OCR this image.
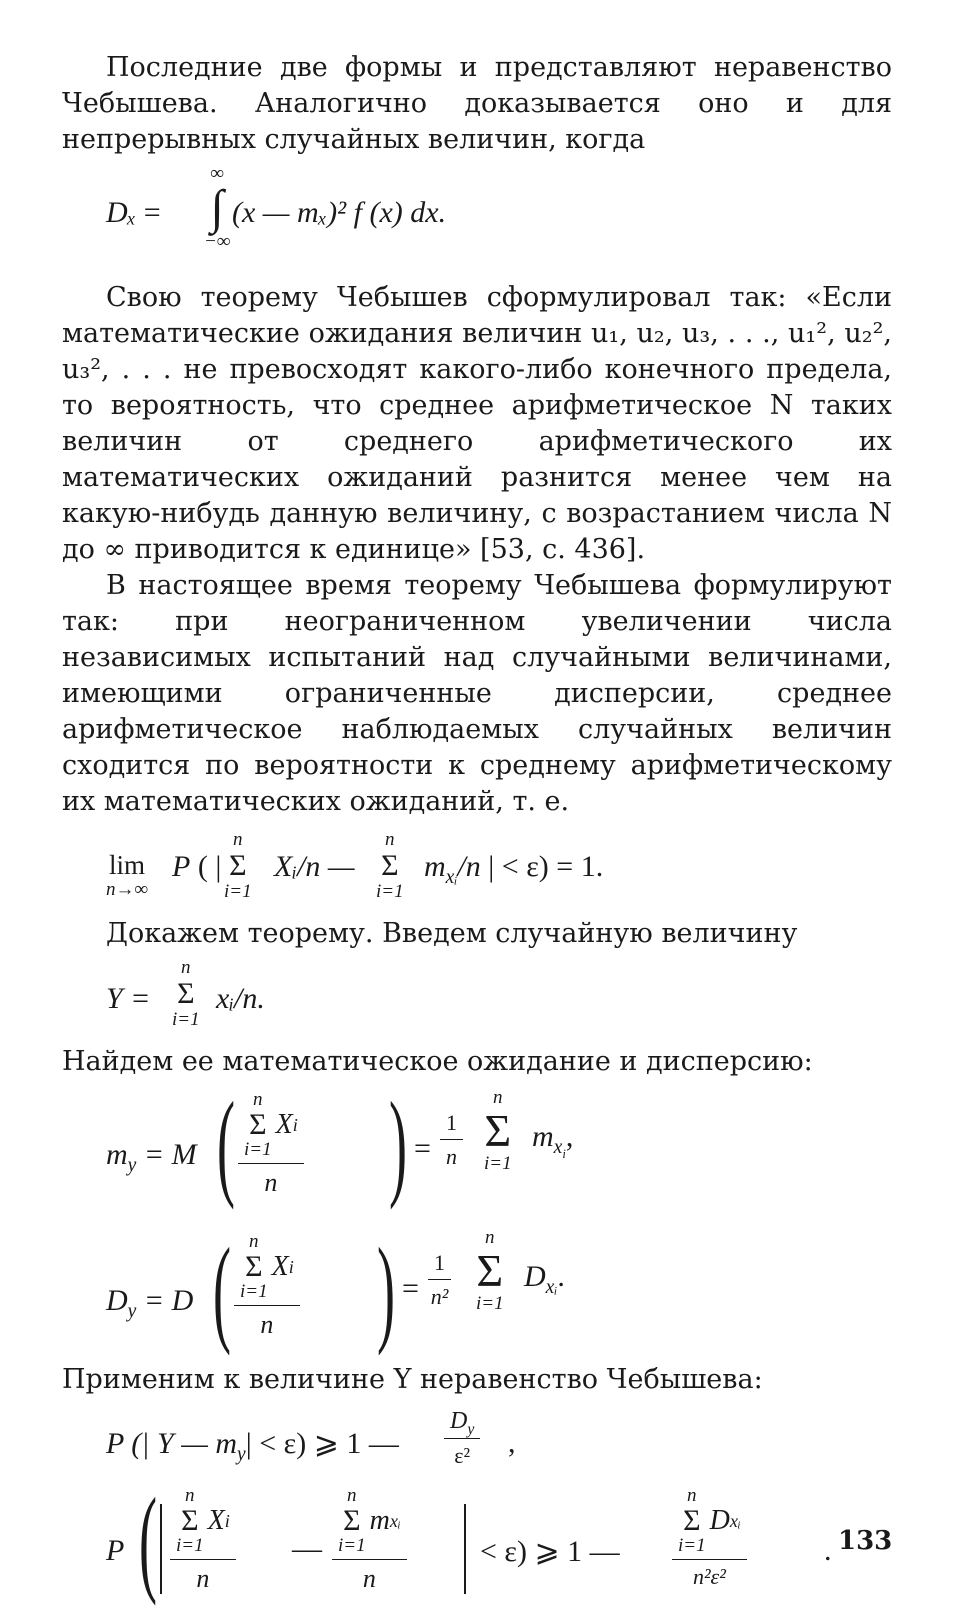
Последние две формы и представляют неравенство Чебышева. Аналогично доказывается оно и для непрерывных случайных величин, когда

Dₓ =
∞
∫
−∞
(x — mₓ)² f (x) dx.

Свою теорему Чебышев сформулировал так: «Если математические ожидания величин u₁, u₂, u₃, . . ., u₁², u₂², u₃², . . . не превосходят какого-либо конечного предела, то вероятность, что среднее арифметическое N таких величин от среднего арифметического их математических ожиданий разнится менее чем на какую-нибудь данную величину, с возрастанием числа N до ∞ приводится к единице» [53, с. 436].

В настоящее время теорему Чебышева формулируют так: при неограниченном увеличении числа независимых испытаний над случайными величинами, имеющими ограниченные дисперсии, среднее арифметическое наблюдаемых случайных величин сходится по вероятности к среднему арифметическому их математических ожиданий, т. е.

lim
n→∞
P ( |
n
Σ
i=1
Xᵢ/n —
n
Σ
i=1
$m_{xᵢ}/n$ | < ε) = 1.

Докажем теорему. Введем случайную величину

Y =
n
Σ
i=1
xᵢ/n.

Найдем ее математическое ожидание и дисперсию:

$m_y = M$ ( n
Σ
i=1
X i
n ) = $\frac{1}{n}$
n
Σ
i=1
$m_{x_i}$,
$D_y = D$ ( n
Σ
i=1
X i
n ) = $\frac{1}{\text{n²}}$
n
Σ
i=1
$D_{xᵢ}$.

Применим к величине Y неравенство Чебышева:

P (| Y — $m_y| < \varepsilon$) ⩾ 1 — $\frac{D_y}{\text{ε²}}$ ,
P ( n
Σ
i=1
X i
n
—
n
Σ
i=1
m xᵢ
n
< ε) ⩾ 1 —
n
Σ
i=1
D xᵢ
n²ε²
. 133
